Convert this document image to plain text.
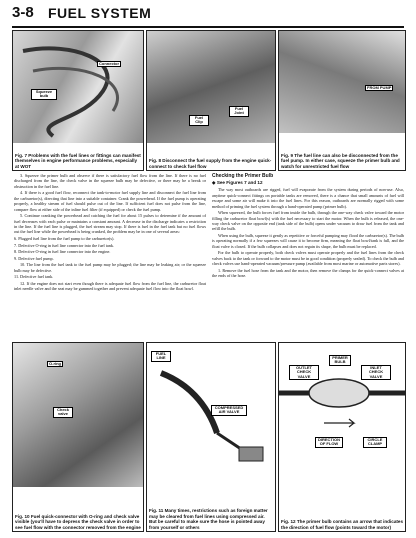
3-8 FUEL SYSTEM
Connector
Squeeze bulb
Fig. 7 Problems with the fuel lines or fittings can manifest themselves in engine performance problems, especially at WOT
Fuel Clip
Fuel Joint
Fig. 8 Disconnect the fuel supply from the engine quick-connect to check fuel flow
FROM PUMP
Fig. 9 The fuel line can also be disconnected from the fuel pump. In either case, squeeze the primer bulb and watch for unrestricted fuel flow

3. Squeeze the primer bulb and observe if there is satisfactory fuel flow from the line. If there is no fuel discharged from the line, the check valve in the squeeze bulb may be defective, or there may be a break or obstruction in the fuel line.

4. If there is a good fuel flow, reconnect the tank-to-motor fuel supply line and disconnect the fuel line from the carburetor(s), directing that line into a suitable container. Crank the powerhead. If the fuel pump is operating properly, a healthy stream of fuel should pulse out of the line. If sufficient fuel does not pulse from the line, compare flow at either side of the inline fuel filter (if equipped) or check the fuel pump.

5. Continue cranking the powerhead and catching the fuel for about 15 pulses to determine if the amount of fuel decreases with each pulse or maintains a constant amount. A decrease in the discharge indicates a restriction in the line. If the fuel line is plugged, the fuel stream may stop. If there is fuel in the fuel tank but no fuel flows out the fuel line while the powerhead is being cranked, the problem may be in one of several areas:

6. Plugged fuel line from the fuel pump to the carburetor(s).

7. Defective O-ring in fuel line connector into the fuel tank.

8. Defective O-ring in fuel line connector into the engine.

9. Defective fuel pump.

10. The line from the fuel tank to the fuel pump may be plugged; the line may be leaking air; or the squeeze bulb may be defective.

11. Defective fuel tank.

12. If the engine does not start even though there is adequate fuel flow from the fuel line, the carburetor float inlet needle valve and the seat may be gummed together and prevent adequate fuel flow into the float bowl.

Checking the Primer Bulb

◆ See Figures 7 and 12

The way most outboards are rigged, fuel will evaporate from the system during periods of non-use. Also, anytime quick-connect fittings on portable tanks are removed, there is a chance that small amounts of fuel will escape and some air will make it into the fuel lines. For this reason, outboards are normally rigged with some method of priming the fuel system through a hand-operated pump (primer bulb).

When squeezed, the bulb forces fuel from inside the bulb, through the one-way check valve toward the motor filling the carburetor float bowl(s) with the fuel necessary to start the motor. When the bulb is released, the one-way check valve on the opposite end (tank side of the bulb) opens under vacuum to draw fuel from the tank and refill the bulb.

When using the bulb, squeeze it gently as repetitive or forceful pumping may flood the carburetor(s). The bulb is operating normally if a few squeezes will cause it to become firm, meaning the float bowl/tank is full, and the float valve is closed. If the bulb collapses and does not regain its shape, the bulb must be replaced.

For the bulb to operate properly, both check valves must operate properly and the fuel lines from the check valves back to the tank or forward to the motor must be in good condition (properly sealed). To check the bulb and check valves use hand-operated vacuum/pressure pump (available from most marine or automotive parts stores).

1. Remove the fuel hose from the tank and the motor, then remove the clamps for the quick-connect valves at the ends of the hose.

O-ring
Check valve
Fig. 10 Fuel quick-connector with O-ring and check valve visible (you'll have to depress the check valve in order to see fuel flow with the connector removed from the engine
FUEL LINE
COMPRESSED AIR VALVE
Fig. 11 Many times, restrictions such as foreign matter may be cleared from fuel lines using compressed air. But be careful to make sure the hose is pointed away from yourself or others
PRIMER BULB
OUTLET CHECK VALVE
INLET CHECK VALVE
DIRECTION OF FLOW
CIRCLE CLAMP
Fig. 12 The primer bulb contains an arrow that indicates the direction of fuel flow (points toward the motor)
